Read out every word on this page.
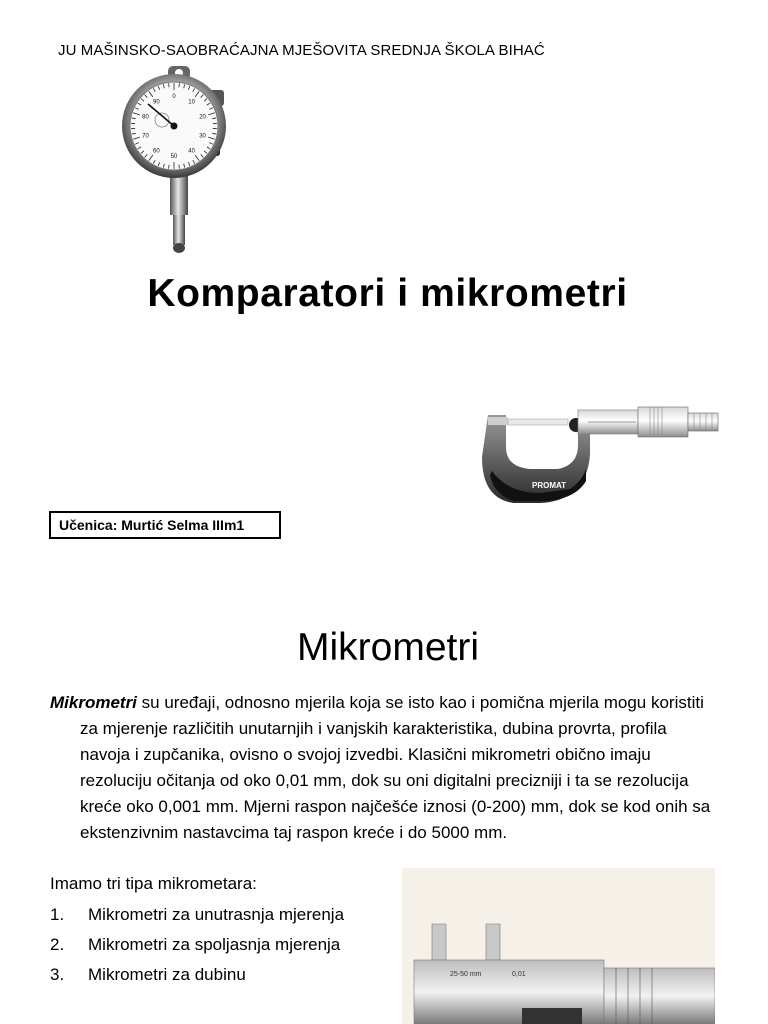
JU MAŠINSKO-SAOBRAĆAJNA MJEŠOVITA SREDNJA ŠKOLA BIHAĆ
0
10
20
30
40
50
60
70
80
90
Komparatori i mikrometri
PROMAT
Učenica: Murtić Selma IIIm1
Mikrometri
Mikrometri su uređaji, odnosno mjerila koja se isto kao i pomična mjerila mogu koristiti za mjerenje različitih unutarnjih i vanjskih karakteristika, dubina provrta, profila navoja i zupčanika, ovisno o svojoj izvedbi. Klasični mikrometri obično imaju rezoluciju očitanja od oko 0,01 mm, dok su oni digitalni precizniji i ta se rezolucija kreće oko 0,001 mm. Mjerni raspon najčešće iznosi (0-200) mm, dok se kod onih sa ekstenzivnim nastavcima taj raspon kreće i do 5000 mm.
Imamo tri tipa mikrometara:
1. Mikrometri za unutrasnja mjerenja
2. Mikrometri za spoljasnja mjerenja
3. Mikrometri za dubinu	25-50 mm	0,01
